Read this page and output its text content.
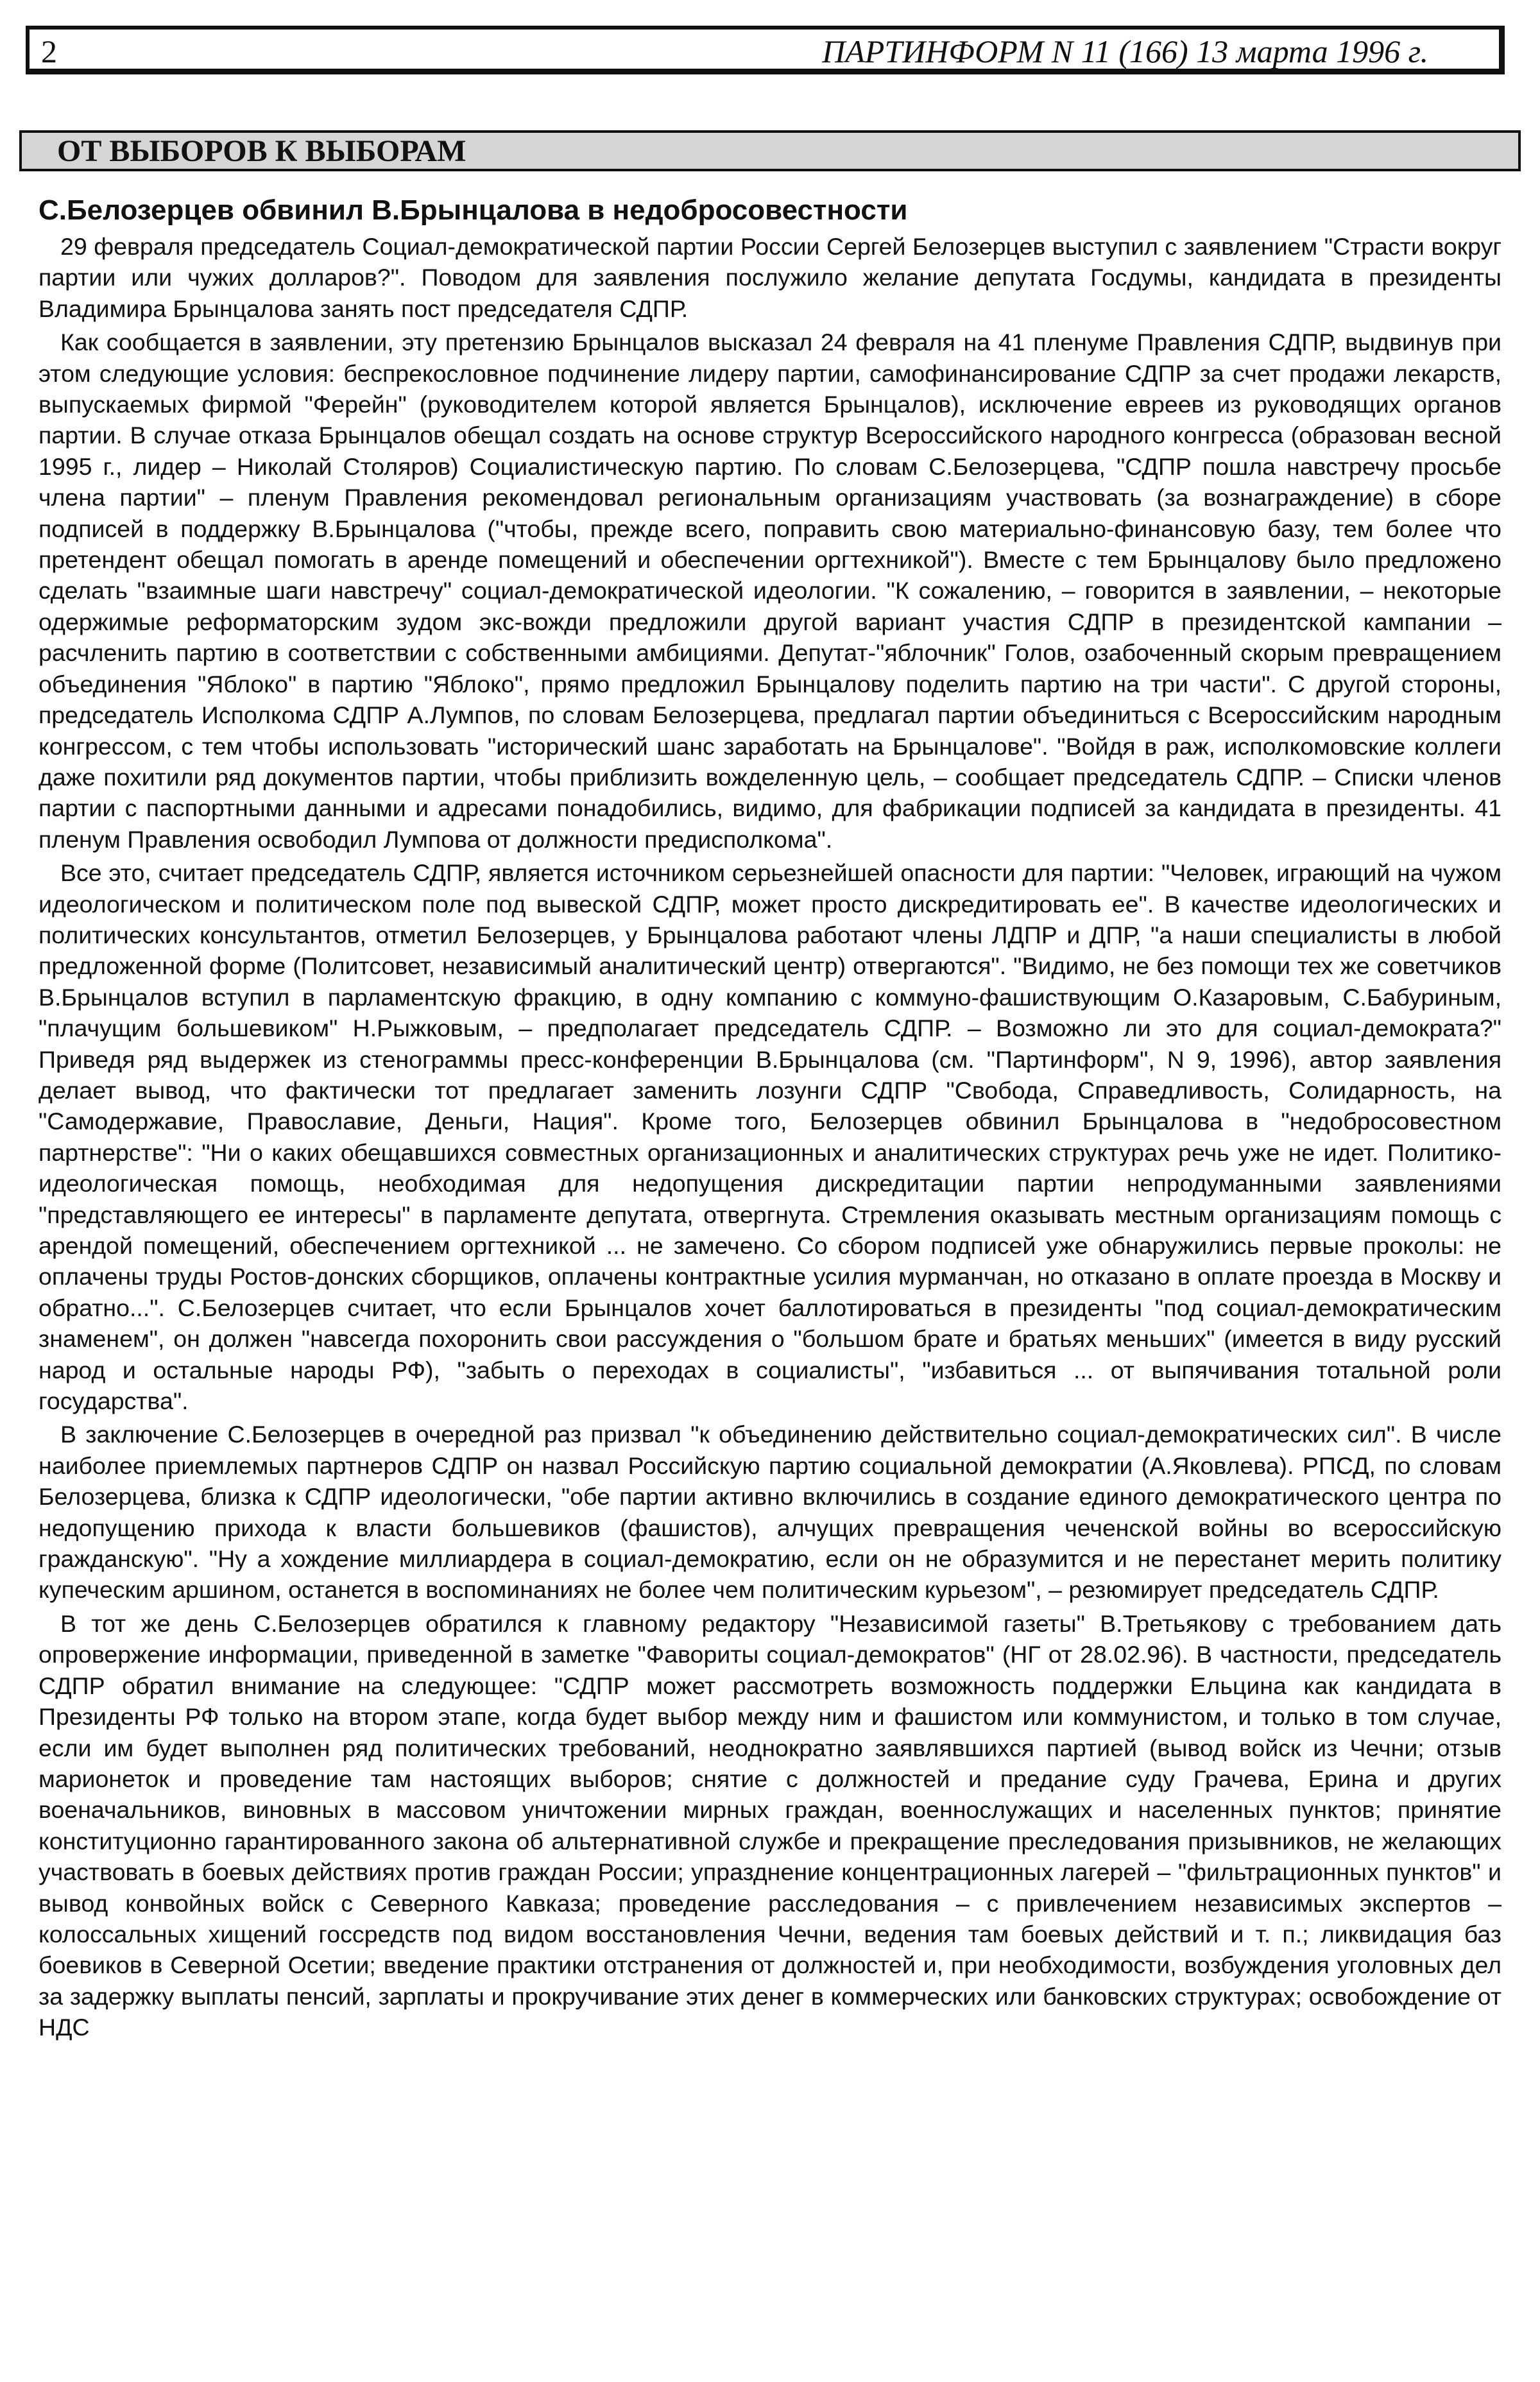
2	ПАРТИНФОРМ N 11 (166) 13 марта 1996 г.
ОТ ВЫБОРОВ К ВЫБОРАМ
С.Белозерцев обвинил В.Брынцалова в недобросовестности

29 февраля председатель Социал-демократической партии России Сергей Белозерцев выступил с заявлением "Страсти вокруг партии или чужих долларов?". Поводом для заявления послужило желание депутата Госдумы, кандидата в президенты Владимира Брынцалова занять пост председателя СДПР.

Как сообщается в заявлении, эту претензию Брынцалов высказал 24 февраля на 41 пленуме Правления СДПР, выдвинув при этом следующие условия: беспрекословное подчинение лидеру партии, самофинансирование СДПР за счет продажи лекарств, выпускаемых фирмой "Ферейн" (руководителем которой является Брынцалов), исключение евреев из руководящих органов партии. В случае отказа Брынцалов обещал создать на основе структур Всероссийского народного конгресса (образован весной 1995 г., лидер – Николай Столяров) Социалистическую партию. По словам С.Белозерцева, "СДПР пошла навстречу просьбе члена партии" – пленум Правления рекомендовал региональным организациям участвовать (за вознаграждение) в сборе подписей в поддержку В.Брынцалова ("чтобы, прежде всего, поправить свою материально-финансовую базу, тем более что претендент обещал помогать в аренде помещений и обеспечении оргтехникой"). Вместе с тем Брынцалову было предложено сделать "взаимные шаги навстречу" социал-демократической идеологии. "К сожалению, – говорится в заявлении, – некоторые одержимые реформаторским зудом экс-вожди предложили другой вариант участия СДПР в президентской кампании – расчленить партию в соответствии с собственными амбициями. Депутат-"яблочник" Голов, озабоченный скорым превращением объединения "Яблоко" в партию "Яблоко", прямо предложил Брынцалову поделить партию на три части". С другой стороны, председатель Исполкома СДПР А.Лумпов, по словам Белозерцева, предлагал партии объединиться с Всероссийским народным конгрессом, с тем чтобы использовать "исторический шанс заработать на Брынцалове". "Войдя в раж, исполкомовские коллеги даже похитили ряд документов партии, чтобы приблизить вожделенную цель, – сообщает председатель СДПР. – Списки членов партии с паспортными данными и адресами понадобились, видимо, для фабрикации подписей за кандидата в президенты. 41 пленум Правления освободил Лумпова от должности предисполкома".

Все это, считает председатель СДПР, является источником серьезнейшей опасности для партии: "Человек, играющий на чужом идеологическом и политическом поле под вывеской СДПР, может просто дискредитировать ее". В качестве идеологических и политических консультантов, отметил Белозерцев, у Брынцалова работают члены ЛДПР и ДПР, "а наши специалисты в любой предложенной форме (Политсовет, независимый аналитический центр) отвергаются". "Видимо, не без помощи тех же советчиков В.Брынцалов вступил в парламентскую фракцию, в одну компанию с коммуно-фашиствующим О.Казаровым, С.Бабуриным, "плачущим большевиком" Н.Рыжковым, – предполагает председатель СДПР. – Возможно ли это для социал-демократа?" Приведя ряд выдержек из стенограммы пресс-конференции В.Брынцалова (см. "Партинформ", N 9, 1996), автор заявления делает вывод, что фактически тот предлагает заменить лозунги СДПР "Свобода, Справедливость, Солидарность, на "Самодержавие, Православие, Деньги, Нация". Кроме того, Белозерцев обвинил Брынцалова в "недобросовестном партнерстве": "Ни о каких обещавшихся совместных организационных и аналитических структурах речь уже не идет. Политико-идеологическая помощь, необходимая для недопущения дискредитации партии непродуманными заявлениями "представляющего ее интересы" в парламенте депутата, отвергнута. Стремления оказывать местным организациям помощь с арендой помещений, обеспечением оргтехникой ... не замечено. Со сбором подписей уже обнаружились первые проколы: не оплачены труды Ростов-донских сборщиков, оплачены контрактные усилия мурманчан, но отказано в оплате проезда в Москву и обратно...". С.Белозерцев считает, что если Брынцалов хочет баллотироваться в президенты "под социал-демократическим знаменем", он должен "навсегда похоронить свои рассуждения о "большом брате и братьях меньших" (имеется в виду русский народ и остальные народы РФ), "забыть о переходах в социалисты", "избавиться ... от выпячивания тотальной роли государства".

В заключение С.Белозерцев в очередной раз призвал "к объединению действительно социал-демократических сил". В числе наиболее приемлемых партнеров СДПР он назвал Российскую партию социальной демократии (А.Яковлева). РПСД, по словам Белозерцева, близка к СДПР идеологически, "обе партии активно включились в создание единого демократического центра по недопущению прихода к власти большевиков (фашистов), алчущих превращения чеченской войны во всероссийскую гражданскую". "Ну а хождение миллиардера в социал-демократию, если он не образумится и не перестанет мерить политику купеческим аршином, останется в воспоминаниях не более чем политическим курьезом", – резюмирует председатель СДПР.

В тот же день С.Белозерцев обратился к главному редактору "Независимой газеты" В.Третьякову с требованием дать опровержение информации, приведенной в заметке "Фавориты социал-демократов" (НГ от 28.02.96). В частности, председатель СДПР обратил внимание на следующее: "СДПР может рассмотреть возможность поддержки Ельцина как кандидата в Президенты РФ только на втором этапе, когда будет выбор между ним и фашистом или коммунистом, и только в том случае, если им будет выполнен ряд политических требований, неоднократно заявлявшихся партией (вывод войск из Чечни; отзыв марионеток и проведение там настоящих выборов; снятие с должностей и предание суду Грачева, Ерина и других военачальников, виновных в массовом уничтожении мирных граждан, военнослужащих и населенных пунктов; принятие конституционно гарантированного закона об альтернативной службе и прекращение преследования призывников, не желающих участвовать в боевых действиях против граждан России; упразднение концентрационных лагерей – "фильтрационных пунктов" и вывод конвойных войск с Северного Кавказа; проведение расследования – с привлечением независимых экспертов – колоссальных хищений госсредств под видом восстановления Чечни, ведения там боевых действий и т. п.; ликвидация баз боевиков в Северной Осетии; введение практики отстранения от должностей и, при необходимости, возбуждения уголовных дел за задержку выплаты пенсий, зарплаты и прокручивание этих денег в коммерческих или банковских структурах; освобождение от НДС
